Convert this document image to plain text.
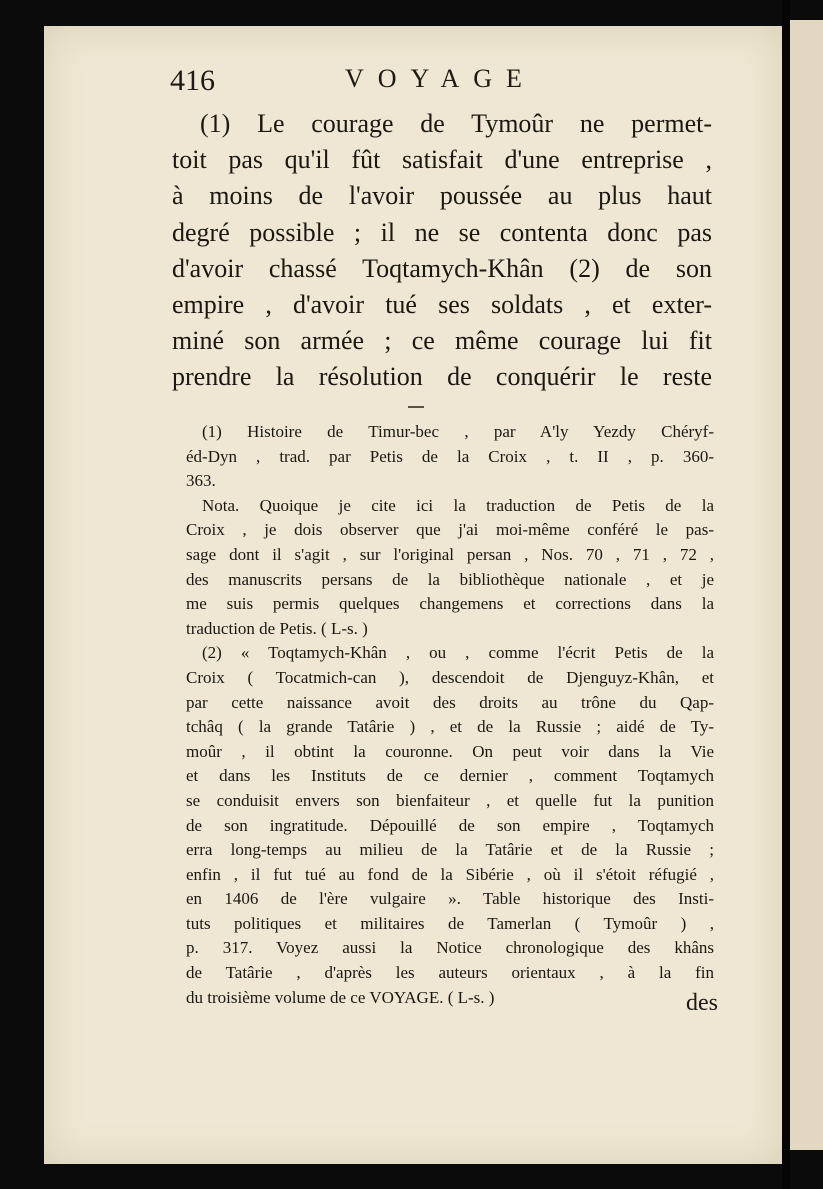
416	VOYAGE
(1) Le courage de Tymoûr ne permet-
toit pas qu'il fût satisfait d'une entreprise ,
à moins de l'avoir poussée au plus haut
degré possible ; il ne se contenta donc pas
d'avoir chassé Toqtamych-Khân (2) de son
empire , d'avoir tué ses soldats , et exter-
miné son armée ; ce même courage lui fit
prendre la résolution de conquérir le reste
(1) Histoire de Timur-bec , par A'ly Yezdy Chéryf-
éd-Dyn , trad. par Petis de la Croix , t. II , p. 360-
363.
Nota. Quoique je cite ici la traduction de Petis de la
Croix , je dois observer que j'ai moi-même conféré le pas-
sage dont il s'agit , sur l'original persan , Nos. 70 , 71 , 72 ,
des manuscrits persans de la bibliothèque nationale , et je
me suis permis quelques changemens et corrections dans la
traduction de Petis. ( L-s. )
(2) « Toqtamych-Khân , ou , comme l'écrit Petis de la
Croix ( Tocatmich-can ), descendoit de Djenguyz-Khân, et
par cette naissance avoit des droits au trône du Qap-
tchâq ( la grande Tatârie ) , et de la Russie ; aidé de Ty-
moûr , il obtint la couronne. On peut voir dans la Vie
et dans les Instituts de ce dernier , comment Toqtamych
se conduisit envers son bienfaiteur , et quelle fut la punition
de son ingratitude. Dépouillé de son empire , Toqtamych
erra long-temps au milieu de la Tatârie et de la Russie ;
enfin , il fut tué au fond de la Sibérie , où il s'étoit réfugié ,
en 1406 de l'ère vulgaire ». Table historique des Insti-
tuts politiques et militaires de Tamerlan ( Tymoûr ) ,
p. 317. Voyez aussi la Notice chronologique des khâns
de Tatârie , d'après les auteurs orientaux , à la fin
du troisième volume de ce VOYAGE. ( L-s. )	des
